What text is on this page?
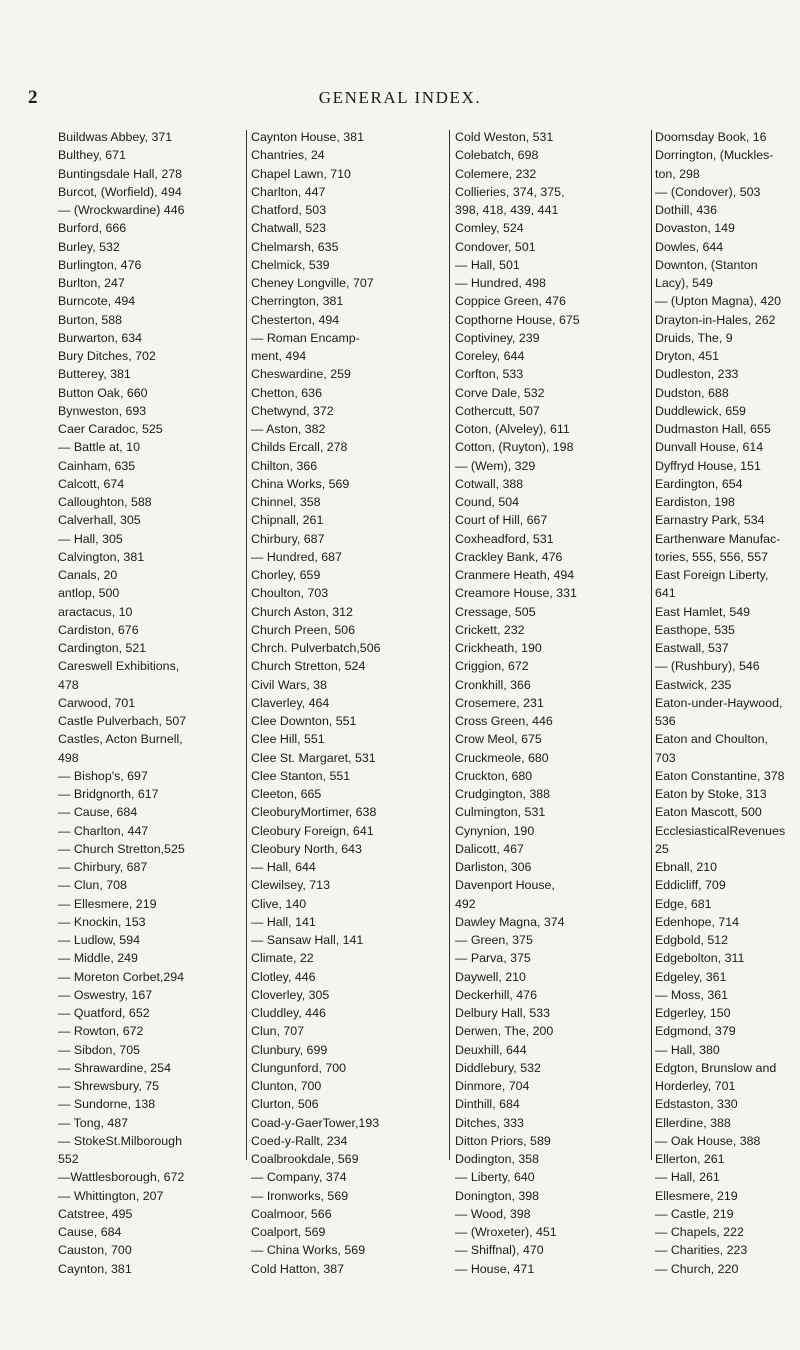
2	GENERAL INDEX.
Buildwas Abbey, 371
Bulthey, 671
Buntingsdale Hall, 278
Burcot, (Worfield), 494
— (Wrockwardine) 446
Burford, 666
Burley, 532
Burlington, 476
Burlton, 247
Burncote, 494
Burton, 588
Burwarton, 634
Bury Ditches, 702
Butterey, 381
Button Oak, 660
Bynweston, 693
Caer Caradoc, 525
— Battle at, 10
Cainham, 635
Calcott, 674
Calloughton, 588
Calverhall, 305
— Hall, 305
Calvington, 381
Canals, 20
antlop, 500
aractacus, 10
Cardiston, 676
Cardington, 521
Careswell Exhibitions,
478
Carwood, 701
Castle Pulverbach, 507
Castles, Acton Burnell,
498
— Bishop's, 697
— Bridgnorth, 617
— Cause, 684
— Charlton, 447
— Church Stretton,525
— Chirbury, 687
— Clun, 708
— Ellesmere, 219
— Knockin, 153
— Ludlow, 594
— Middle, 249
— Moreton Corbet,294
— Oswestry, 167
— Quatford, 652
— Rowton, 672
— Sibdon, 705
— Shrawardine, 254
— Shrewsbury, 75
— Sundorne, 138
— Tong, 487
— StokeSt.Milborough
552
—Wattlesborough, 672
— Whittington, 207
Catstree, 495
Cause, 684
Causton, 700
Caynton, 381
Caynton House, 381
Chantries, 24
Chapel Lawn, 710
Charlton, 447
Chatford, 503
Chatwall, 523
Chelmarsh, 635
Chelmick, 539
Cheney Longville, 707
Cherrington, 381
Chesterton, 494
— Roman Encamp-
ment, 494
Cheswardine, 259
Chetton, 636
Chetwynd, 372
— Aston, 382
Childs Ercall, 278
Chilton, 366
China Works, 569
Chinnel, 358
Chipnall, 261
Chirbury, 687
— Hundred, 687
Chorley, 659
Choulton, 703
Church Aston, 312
Church Preen, 506
Chrch. Pulverbatch,506
Church Stretton, 524
Civil Wars, 38
Claverley, 464
Clee Downton, 551
Clee Hill, 551
Clee St. Margaret, 531
Clee Stanton, 551
Cleeton, 665
CleoburyMortimer, 638
Cleobury Foreign, 641
Cleobury North, 643
— Hall, 644
Clewilsey, 713
Clive, 140
— Hall, 141
— Sansaw Hall, 141
Climate, 22
Clotley, 446
Cloverley, 305
Cluddley, 446
Clun, 707
Clunbury, 699
Clungunford, 700
Clunton, 700
Clurton, 506
Coad-y-GaerTower,193
Coed-y-Rallt, 234
Coalbrookdale, 569
— Company, 374
— Ironworks, 569
Coalmoor, 566
Coalport, 569
— China Works, 569
Cold Hatton, 387
Cold Weston, 531
Colebatch, 698
Colemere, 232
Collieries, 374, 375,
398, 418, 439, 441
Comley, 524
Condover, 501
— Hall, 501
— Hundred, 498
Coppice Green, 476
Copthorne House, 675
Coptiviney, 239
Coreley, 644
Corfton, 533
Corve Dale, 532
Cothercutt, 507
Coton, (Alveley), 611
Cotton, (Ruyton), 198
— (Wem), 329
Cotwall, 388
Cound, 504
Court of Hill, 667
Coxheadford, 531
Crackley Bank, 476
Cranmere Heath, 494
Creamore House, 331
Cressage, 505
Crickett, 232
Crickheath, 190
Criggion, 672
Cronkhill, 366
Crosemere, 231
Cross Green, 446
Crow Meol, 675
Cruckmeole, 680
Cruckton, 680
Crudgington, 388
Culmington, 531
Cynynion, 190
Dalicott, 467
Darliston, 306
Davenport House,
492
Dawley Magna, 374
— Green, 375
— Parva, 375
Daywell, 210
Deckerhill, 476
Delbury Hall, 533
Derwen, The, 200
Deuxhill, 644
Diddlebury, 532
Dinmore, 704
Dinthill, 684
Ditches, 333
Ditton Priors, 589
Dodington, 358
— Liberty, 640
Donington, 398
— Wood, 398
— (Wroxeter), 451
— Shiffnal), 470
— House, 471
Doomsday Book, 16
Dorrington, (Muckles-
ton, 298
— (Condover), 503
Dothill, 436
Dovaston, 149
Dowles, 644
Downton, (Stanton
Lacy), 549
— (Upton Magna), 420
Drayton-in-Hales, 262
Druids, The, 9
Dryton, 451
Dudleston, 233
Dudston, 688
Duddlewick, 659
Dudmaston Hall, 655
Dunvall House, 614
Dyffryd House, 151
Eardington, 654
Eardiston, 198
Earnastry Park, 534
Earthenware Manufac-
tories, 555, 556, 557
East Foreign Liberty,
641
East Hamlet, 549
Easthope, 535
Eastwall, 537
— (Rushbury), 546
Eastwick, 235
Eaton-under-Haywood,
536
Eaton and Choulton,
703
Eaton Constantine, 378
Eaton by Stoke, 313
Eaton Mascott, 500
EcclesiasticalRevenues
25
Ebnall, 210
Eddicliff, 709
Edge, 681
Edenhope, 714
Edgbold, 512
Edgebolton, 311
Edgeley, 361
— Moss, 361
Edgerley, 150
Edgmond, 379
— Hall, 380
Edgton, Brunslow and
Horderley, 701
Edstaston, 330
Ellerdine, 388
— Oak House, 388
Ellerton, 261
— Hall, 261
Ellesmere, 219
— Castle, 219
— Chapels, 222
— Charities, 223
— Church, 220
